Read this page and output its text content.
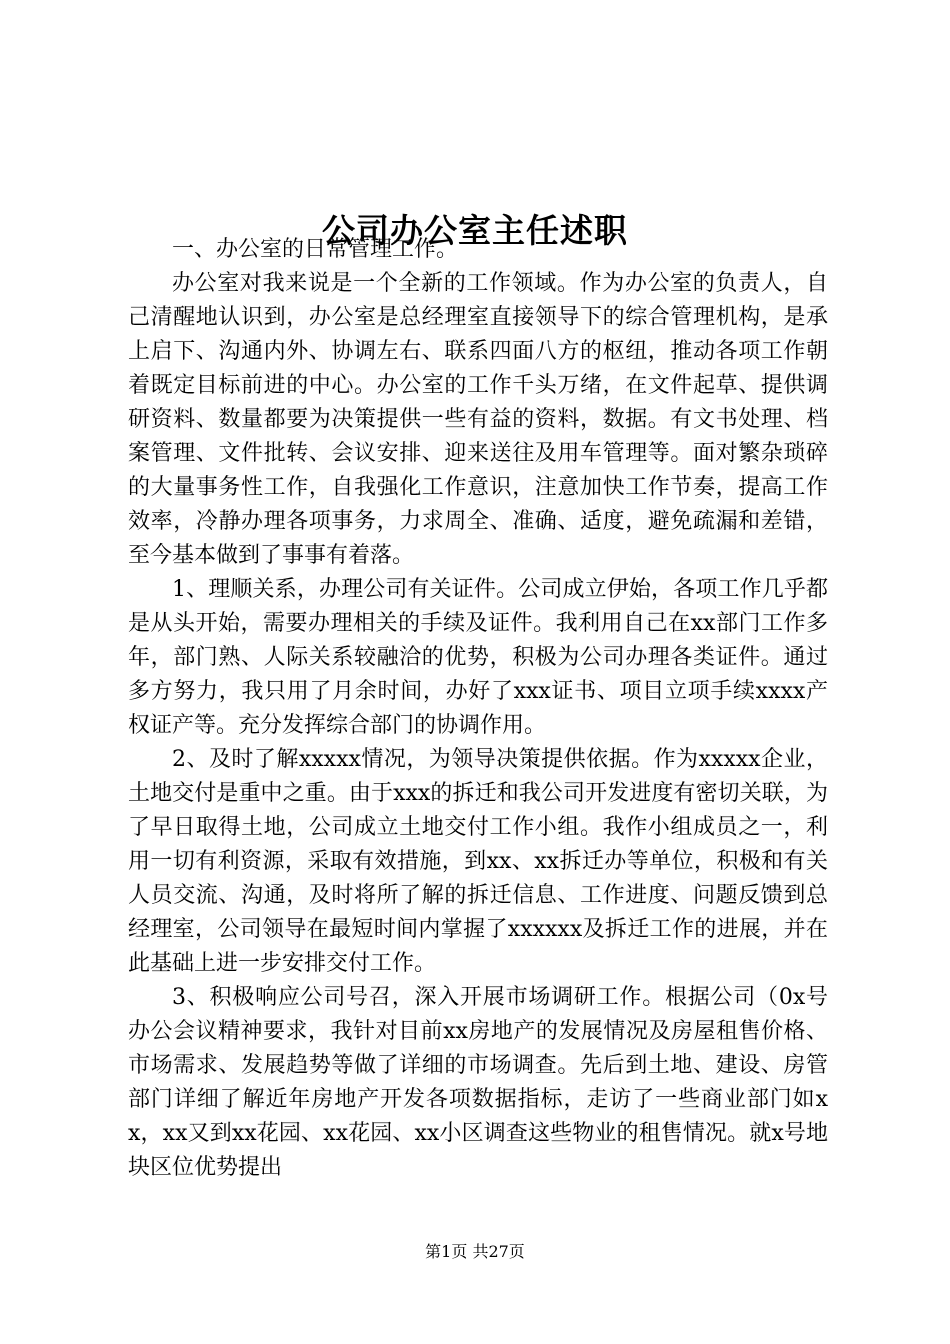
公司办公室主任述职

一、办公室的日常管理工作。

办公室对我来说是一个全新的工作领域。作为办公室的负责人，自己清醒地认识到，办公室是总经理室直接领导下的综合管理机构，是承上启下、沟通内外、协调左右、联系四面八方的枢纽，推动各项工作朝着既定目标前进的中心。办公室的工作千头万绪，在文件起草、提供调研资料、数量都要为决策提供一些有益的资料，数据。有文书处理、档案管理、文件批转、会议安排、迎来送往及用车管理等。面对繁杂琐碎的大量事务性工作，自我强化工作意识，注意加快工作节奏，提高工作效率，冷静办理各项事务，力求周全、准确、适度，避免疏漏和差错，至今基本做到了事事有着落。

1、理顺关系，办理公司有关证件。公司成立伊始，各项工作几乎都是从头开始，需要办理相关的手续及证件。我利用自己在xx部门工作多年，部门熟、人际关系较融洽的优势，积极为公司办理各类证件。通过多方努力，我只用了月余时间，办好了xxx证书、项目立项手续xxxx产权证产等。充分发挥综合部门的协调作用。

2、及时了解xxxxx情况，为领导决策提供依据。作为xxxxx企业，土地交付是重中之重。由于xxx的拆迁和我公司开发进度有密切关联，为了早日取得土地，公司成立土地交付工作小组。我作小组成员之一，利用一切有利资源，采取有效措施，到xx、xx拆迁办等单位，积极和有关人员交流、沟通，及时将所了解的拆迁信息、工作进度、问题反馈到总经理室，公司领导在最短时间内掌握了xxxxxx及拆迁工作的进展，并在此基础上进一步安排交付工作。

3、积极响应公司号召，深入开展市场调研工作。根据公司（0x号办公会议精神要求，我针对目前xx房地产的发展情况及房屋租售价格、市场需求、发展趋势等做了详细的市场调查。先后到土地、建设、房管部门详细了解近年房地产开发各项数据指标，走访了一些商业部门如xx，xx又到xx花园、xx花园、xx小区调查这些物业的租售情况。就x号地块区位优势提出

第1页 共27页
